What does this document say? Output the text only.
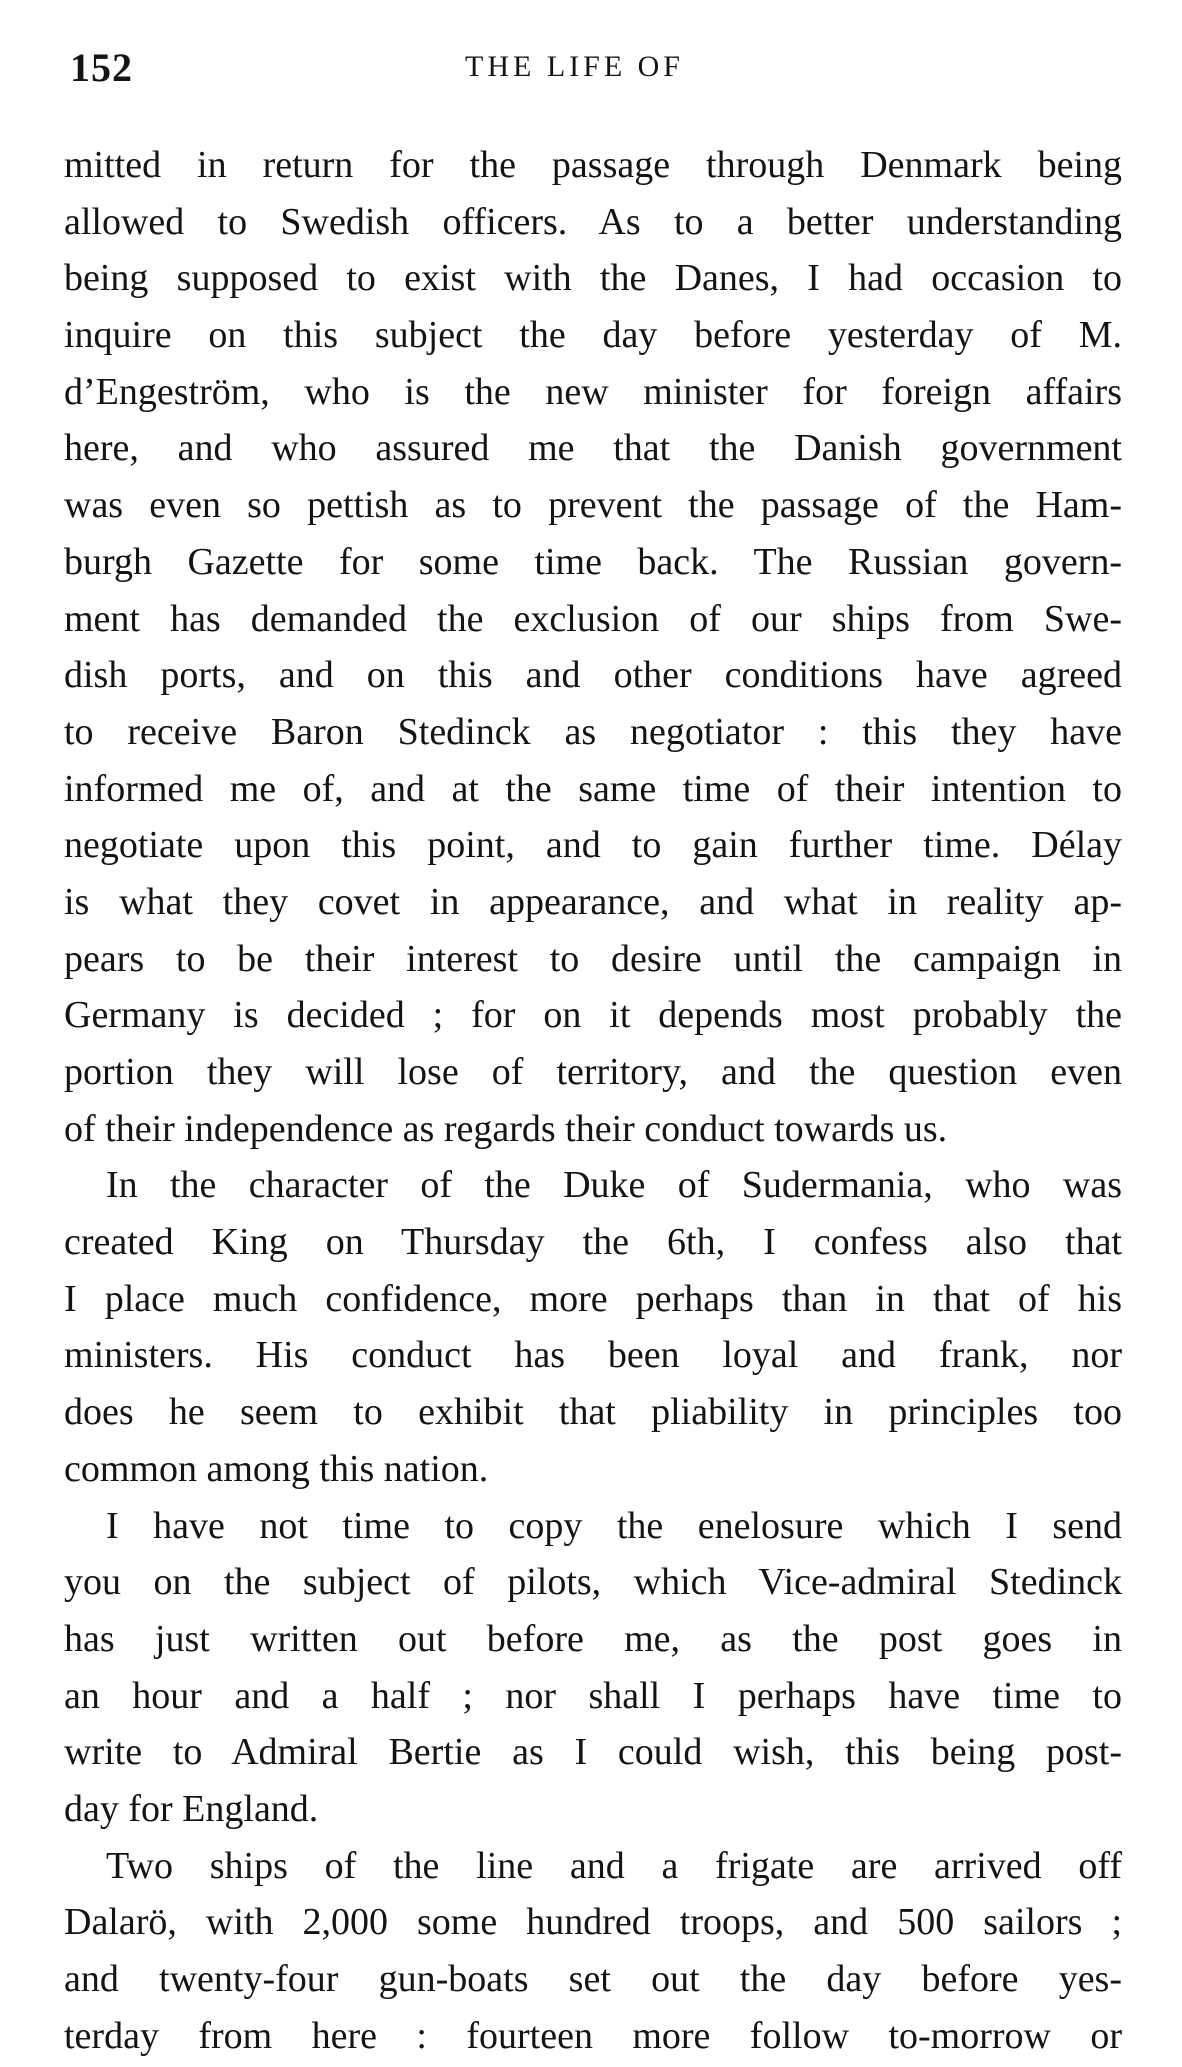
152	THE LIFE OF
mitted in return for the passage through Denmark being
allowed to Swedish officers. As to a better understanding
being supposed to exist with the Danes, I had occasion to
inquire on this subject the day before yesterday of M.
d’Engeström, who is the new minister for foreign affairs
here, and who assured me that the Danish government
was even so pettish as to prevent the passage of the Ham-
burgh Gazette for some time back. The Russian govern-
ment has demanded the exclusion of our ships from Swe-
dish ports, and on this and other conditions have agreed
to receive Baron Stedinck as negotiator : this they have
informed me of, and at the same time of their intention to
negotiate upon this point, and to gain further time. Délay
is what they covet in appearance, and what in reality ap-
pears to be their interest to desire until the campaign in
Germany is decided ; for on it depends most probably the
portion they will lose of territory, and the question even
of their independence as regards their conduct towards us.
In the character of the Duke of Sudermania, who was
created King on Thursday the 6th, I confess also that
I place much confidence, more perhaps than in that of his
ministers. His conduct has been loyal and frank, nor
does he seem to exhibit that pliability in principles too
common among this nation.
I have not time to copy the enelosure which I send
you on the subject of pilots, which Vice-admiral Stedinck
has just written out before me, as the post goes in
an hour and a half ; nor shall I perhaps have time to
write to Admiral Bertie as I could wish, this being post-
day for England.
Two ships of the line and a frigate are arrived off
Dalarö, with 2,000 some hundred troops, and 500 sailors ;
and twenty-four gun-boats set out the day before yes-
terday from here : fourteen more follow to-morrow or
